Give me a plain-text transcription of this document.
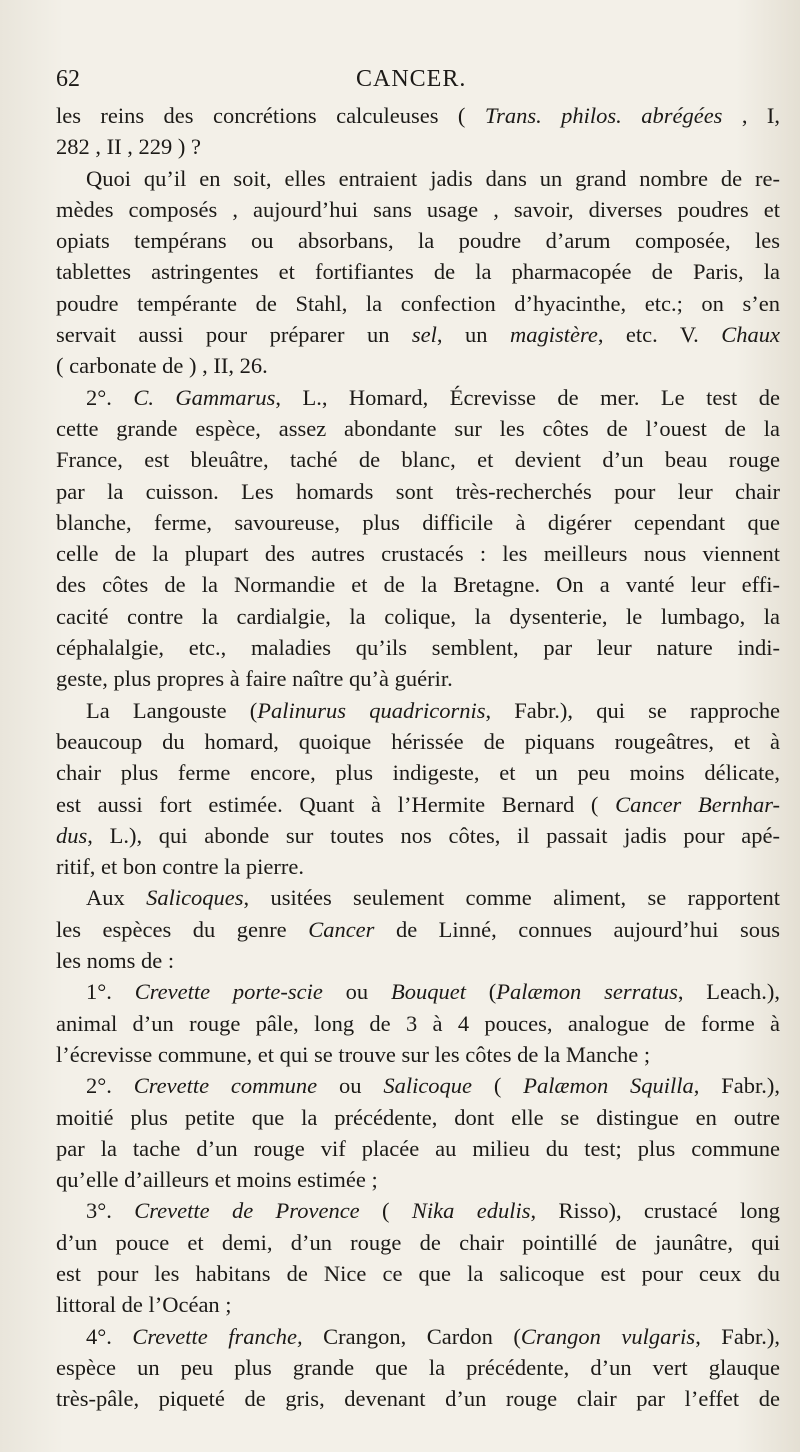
62	CANCER.
les reins des concrétions calculeuses ( Trans. philos. abrégées , I,
282 , II , 229 ) ?
Quoi qu’il en soit, elles entraient jadis dans un grand nombre de re-
mèdes composés , aujourd’hui sans usage , savoir, diverses poudres et
opiats tempérans ou absorbans, la poudre d’arum composée, les
tablettes astringentes et fortifiantes de la pharmacopée de Paris, la
poudre tempérante de Stahl, la confection d’hyacinthe, etc.; on s’en
servait aussi pour préparer un sel, un magistère, etc. V. Chaux
( carbonate de ) , II, 26.
2°. C. Gammarus, L., Homard, Écrevisse de mer. Le test de
cette grande espèce, assez abondante sur les côtes de l’ouest de la
France, est bleuâtre, taché de blanc, et devient d’un beau rouge
par la cuisson. Les homards sont très-recherchés pour leur chair
blanche, ferme, savoureuse, plus difficile à digérer cependant que
celle de la plupart des autres crustacés : les meilleurs nous viennent
des côtes de la Normandie et de la Bretagne. On a vanté leur effi-
cacité contre la cardialgie, la colique, la dysenterie, le lumbago, la
céphalalgie, etc., maladies qu’ils semblent, par leur nature indi-
geste, plus propres à faire naître qu’à guérir.
La Langouste (Palinurus quadricornis, Fabr.), qui se rapproche
beaucoup du homard, quoique hérissée de piquans rougeâtres, et à
chair plus ferme encore, plus indigeste, et un peu moins délicate,
est aussi fort estimée. Quant à l’Hermite Bernard ( Cancer Bernhar-
dus, L.), qui abonde sur toutes nos côtes, il passait jadis pour apé-
ritif, et bon contre la pierre.
Aux Salicoques, usitées seulement comme aliment, se rapportent
les espèces du genre Cancer de Linné, connues aujourd’hui sous
les noms de :
1°. Crevette porte-scie ou Bouquet (Palæmon serratus, Leach.),
animal d’un rouge pâle, long de 3 à 4 pouces, analogue de forme à
l’écrevisse commune, et qui se trouve sur les côtes de la Manche ;
2°. Crevette commune ou Salicoque ( Palæmon Squilla, Fabr.),
moitié plus petite que la précédente, dont elle se distingue en outre
par la tache d’un rouge vif placée au milieu du test; plus commune
qu’elle d’ailleurs et moins estimée ;
3°. Crevette de Provence ( Nika edulis, Risso), crustacé long
d’un pouce et demi, d’un rouge de chair pointillé de jaunâtre, qui
est pour les habitans de Nice ce que la salicoque est pour ceux du
littoral de l’Océan ;
4°. Crevette franche, Crangon, Cardon (Crangon vulgaris, Fabr.),
espèce un peu plus grande que la précédente, d’un vert glauque
très-pâle, piqueté de gris, devenant d’un rouge clair par l’effet de
